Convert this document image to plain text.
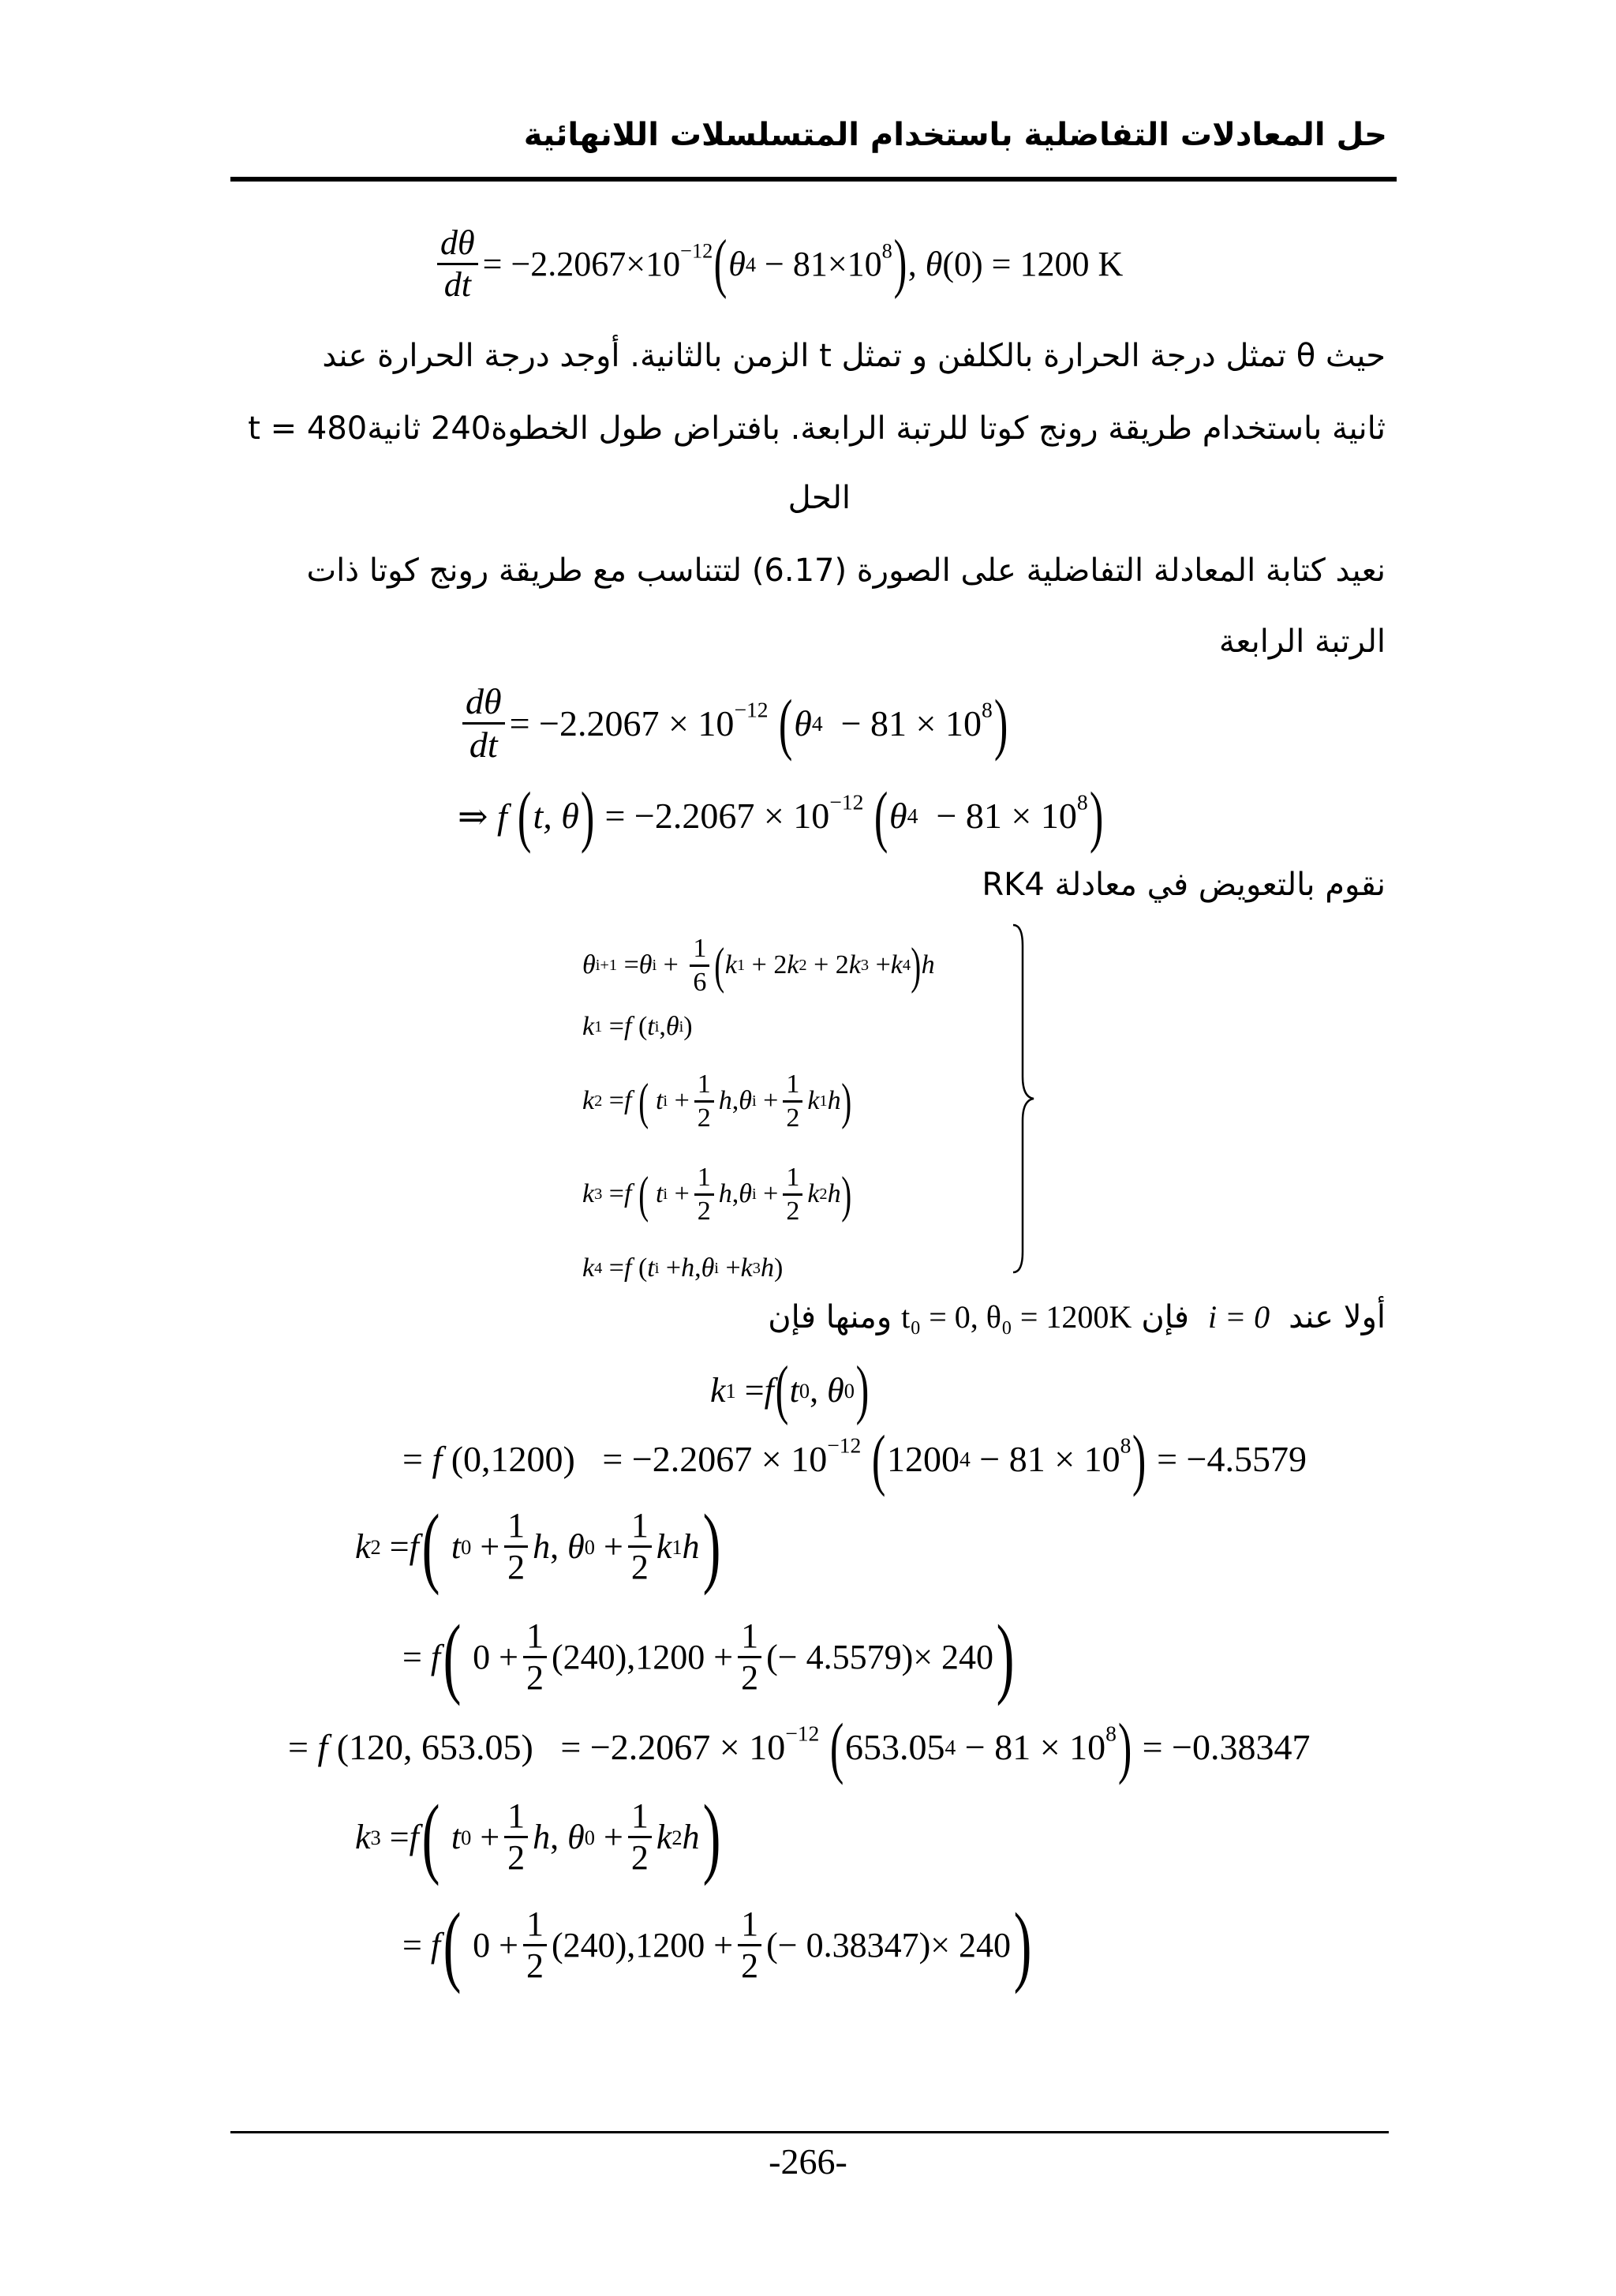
حل المعادلات التفاضلية باستخدام المتسلسلات اللانهائية
$\frac{d\theta}{dt} = -2.2067\times 10^{-12}$ ( θ $4 - 81\times 10^8$ ) , θ(0) = 1200 K
حيث θ تمثل درجة الحرارة بالكلفن و تمثل t الزمن بالثانية. أوجد درجة الحرارة عند
t = 480ثانية باستخدام طريقة رونج كوتا للرتبة الرابعة. بافتراض طول الخطوة240 ثانية
الحل
نعيد كتابة المعادلة التفاضلية على الصورة (6.17) لتتناسب مع طريقة رونج كوتا ذات
الرتبة الرابعة
$\frac{d\theta}{dt} = -2.2067 \times 10^{-12}$ ( θ $4 - 81 \times 10^8$ )
⇒ f ( t, θ ) = $-2.2067 \times 10^{-12}$ ( θ $4 - 81 \times 10^8$ )
نقوم بالتعويض في معادلة RK4
θ i+1 = θ $i + \frac{1}{6}$ ( k 1 + 2 k 2 + 2 k 3 + k 4 ) h
k 1 = f ( t i , θ i )
k 2 = f
(
t $i + \frac{1}{2}$ h , θ $i + \frac{1}{2}$ k 1 h )
k 3 = f
(
t $i + \frac{1}{2}$ h , θ $i + \frac{1}{2}$ k 2 h )
k 4 = f ( t i + h , θ i + k 3 h )
أولا عند
i = 0
فإن
t₀ = 0, θ₀ = 1200K
ومنها فإن
k 1 = f ( t 0 , θ 0 )
= f $(0,1200) = -2.2067 \times 10^{-12}$ ( 1200 $4 - 81 \times 10^8$ ) = −4.5579
k 2 = f (
t $0 + \frac{1}{2}$ h , θ $0 + \frac{1}{2}$ k 1 h )
= f ( $0 + \frac{1}{2} (240) ,1200 + \frac{1}{2}$ (− 4.5579)× 240 )
= f (120, $653.05) = -2.2067 \times 10^{-12}$ ( 653.05 $4 - 81 \times 10^8$ ) = −0.38347
k 3 = f (
t $0 + \frac{1}{2}$ h , θ $0 + \frac{1}{2}$ k 2 h )
= f ( $0 + \frac{1}{2} (240) ,1200 + \frac{1}{2}$ (− 0.38347)× 240 )
-266-
